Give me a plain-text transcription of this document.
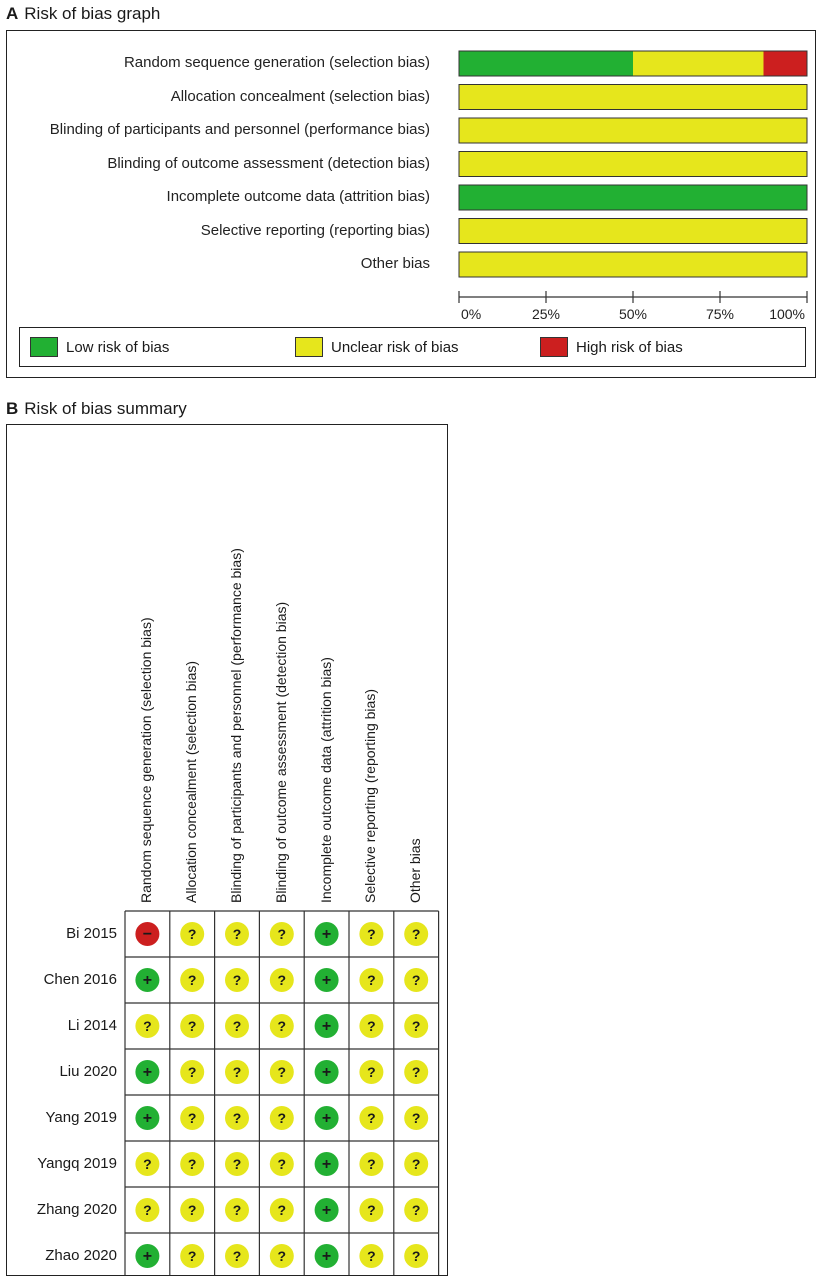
A Risk of bias graph
Random sequence generation (selection bias)
Allocation concealment (selection bias)
Blinding of participants and personnel (performance bias)
Blinding of outcome assessment (detection bias)
Incomplete outcome data (attrition bias)
Selective reporting (reporting bias)
Other bias
0%	25%	50%	75%	100%
Low risk of bias	Unclear risk of bias	High risk of bias
B Risk of bias summary
Random sequence generation (selection bias) Allocation concealment (selection bias) Blinding of participants and personnel (performance bias) Blinding of outcome assessment (detection bias) Incomplete outcome data (attrition bias) Selective reporting (reporting bias) Other bias
Bi 2015
Chen 2016
Li 2014
Liu 2020
Yang 2019
Yangq 2019
Zhang 2020
Zhao 2020
−	?	?	? +	?	?
+	?	?	? +	?	?
?	?	?	? +	?	?
+	?	?	? +	?	?
+	?	?	? +	?	?
?	?	?	? +	?	?
?	?	?	? +	?	?
+	?	?	? +	?	?
